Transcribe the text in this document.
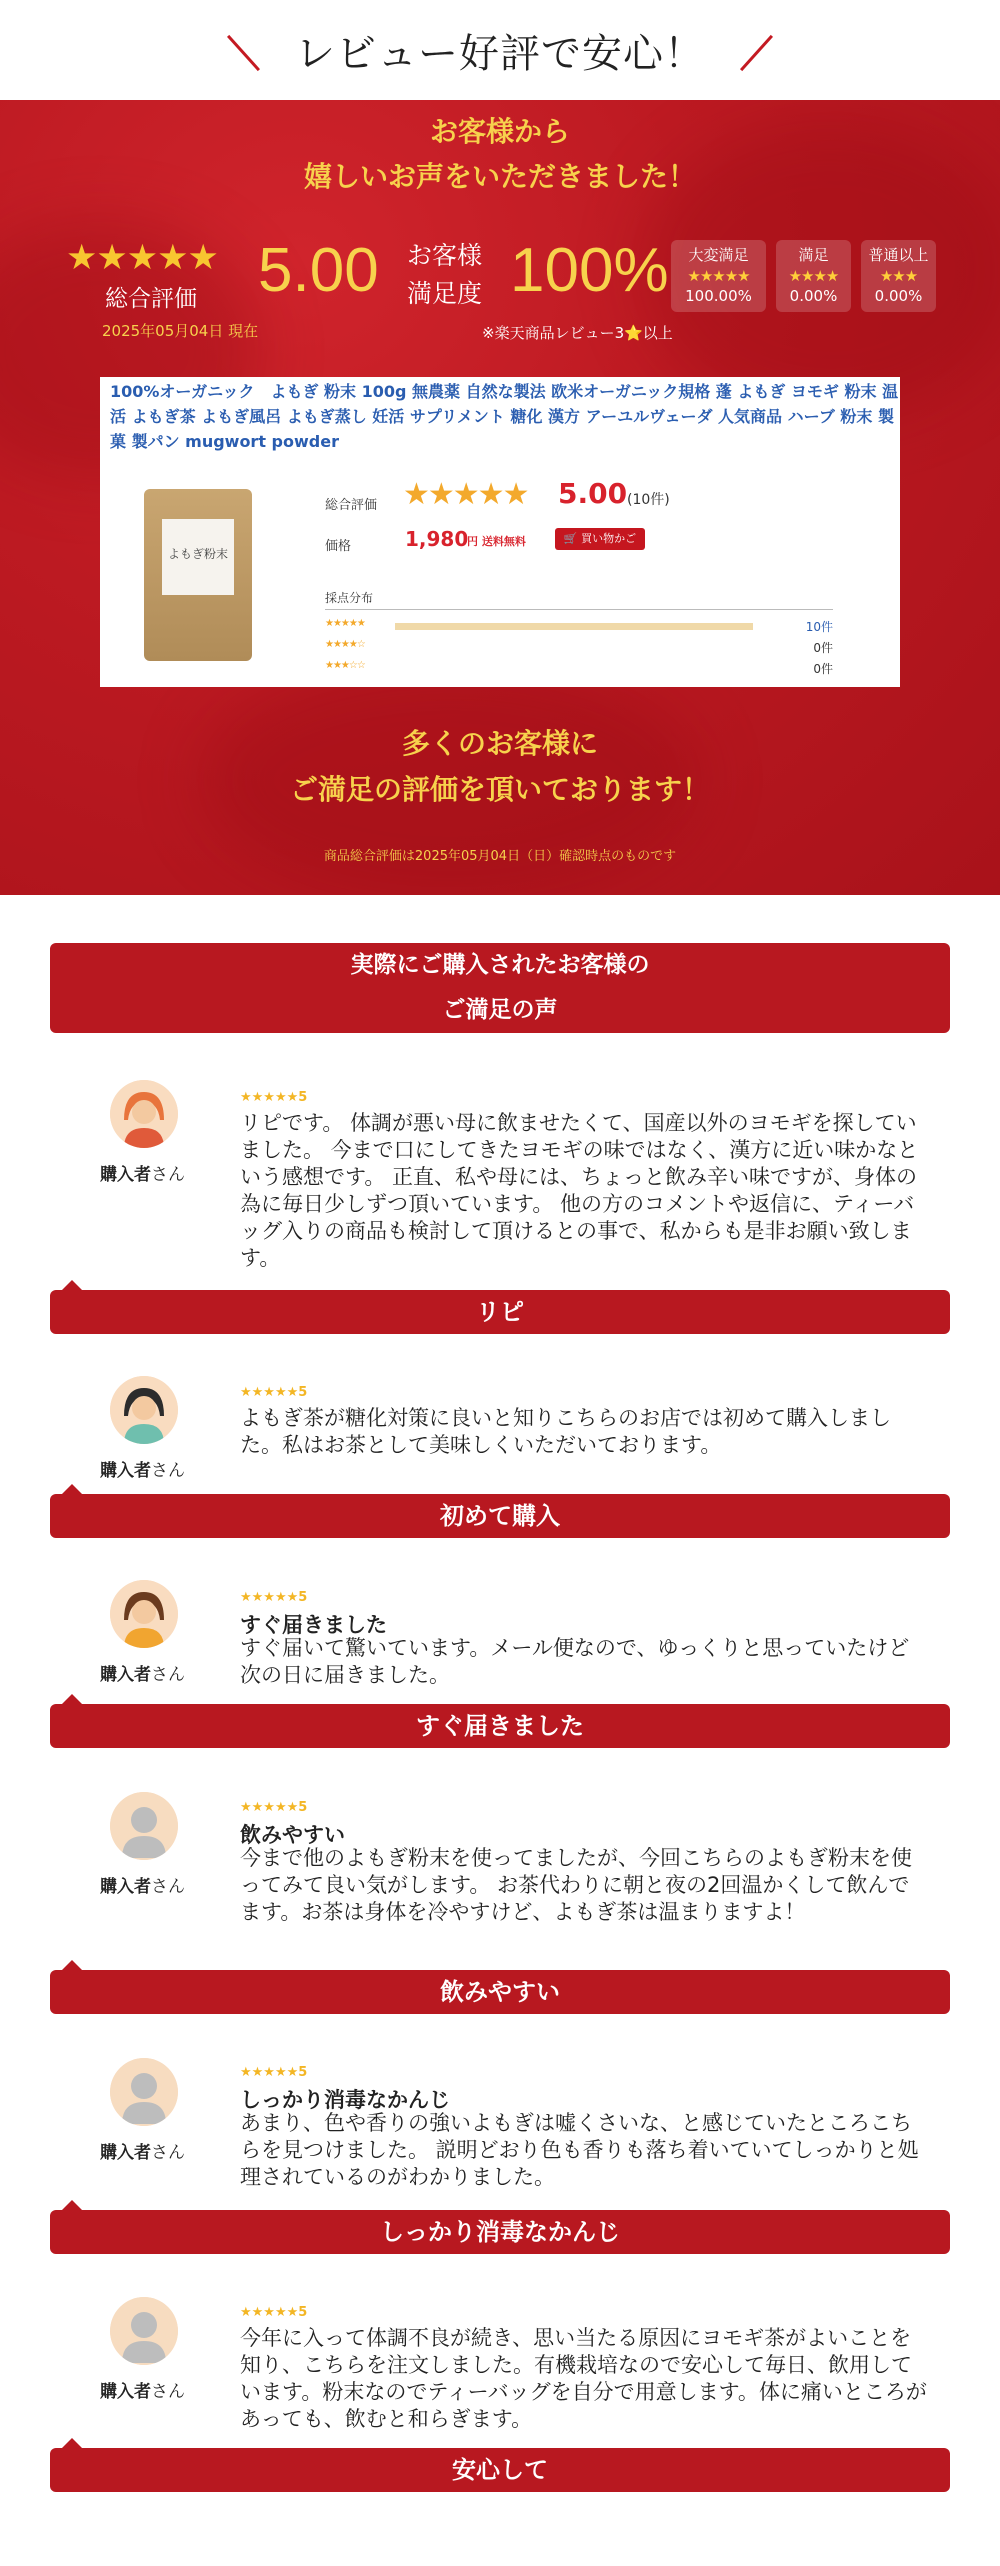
レビュー好評で安心！
お客様から
嬉しいお声をいただきました！
★★★★★
総合評価 5.00 お客様
満足度 100%	大変満足
★★★★★
100.00%
満足
★★★★
0.00%
普通以上
★★★
0.00%
2025年05月04日 現在	※楽天商品レビュー3⭐以上
100%オーガニック　よもぎ 粉末 100g 無農薬 自然な製法 欧米オーガニック規格 蓬 よもぎ ヨモギ 粉末 温活 よもぎ茶 よもぎ風呂 よもぎ蒸し 妊活 サプリメント 糖化 漢方 アーユルヴェーダ 人気商品 ハーブ 粉末 製菓 製パン mugwort powder
よもぎ粉末
総合評価 ★★★★★ 5.00 (10件)
価格	1,980
円 送料無料	🛒 買い物かご
採点分布
★★★★★	10件
★★★★☆	0件
★★★☆☆	0件
多くのお客様に
ご満足の評価を頂いております！
商品総合評価は2025年05月04日（日）確認時点のものです
実際にご購入されたお客様の
ご満足の声
購入者さん
★★★★★5
リピです。 体調が悪い母に飲ませたくて、国産以外のヨモギを探していました。 今まで口にしてきたヨモギの味ではなく、漢方に近い味かなという感想です。 正直、私や母には、ちょっと飲み辛い味ですが、身体の為に毎日少しずつ頂いています。 他の方のコメントや返信に、ティーバッグ入りの商品も検討して頂けるとの事で、私からも是非お願い致します。
リピ
購入者さん
★★★★★5
よもぎ茶が糖化対策に良いと知りこちらのお店では初めて購入しました。私はお茶として美味しくいただいております。
初めて購入
購入者さん
★★★★★5
すぐ届きました
すぐ届いて驚いています。メール便なので、ゆっくりと思っていたけど次の日に届きました。
すぐ届きました
購入者さん
★★★★★5
飲みやすい
今まで他のよもぎ粉末を使ってましたが、今回こちらのよもぎ粉末を使ってみて良い気がします。 お茶代わりに朝と夜の2回温かくして飲んでます。お茶は身体を冷やすけど、よもぎ茶は温まりますよ！
飲みやすい
購入者さん
★★★★★5
しっかり消毒なかんじ
あまり、色や香りの強いよもぎは嘘くさいな、と感じていたところこちらを見つけました。 説明どおり色も香りも落ち着いていてしっかりと処理されているのがわかりました。
しっかり消毒なかんじ
購入者さん
★★★★★5
今年に入って体調不良が続き、思い当たる原因にヨモギ茶がよいことを知り、こちらを注文しました。有機栽培なので安心して毎日、飲用しています。粉末なのでティーバッグを自分で用意します。体に痛いところがあっても、飲むと和らぎます。
安心して
